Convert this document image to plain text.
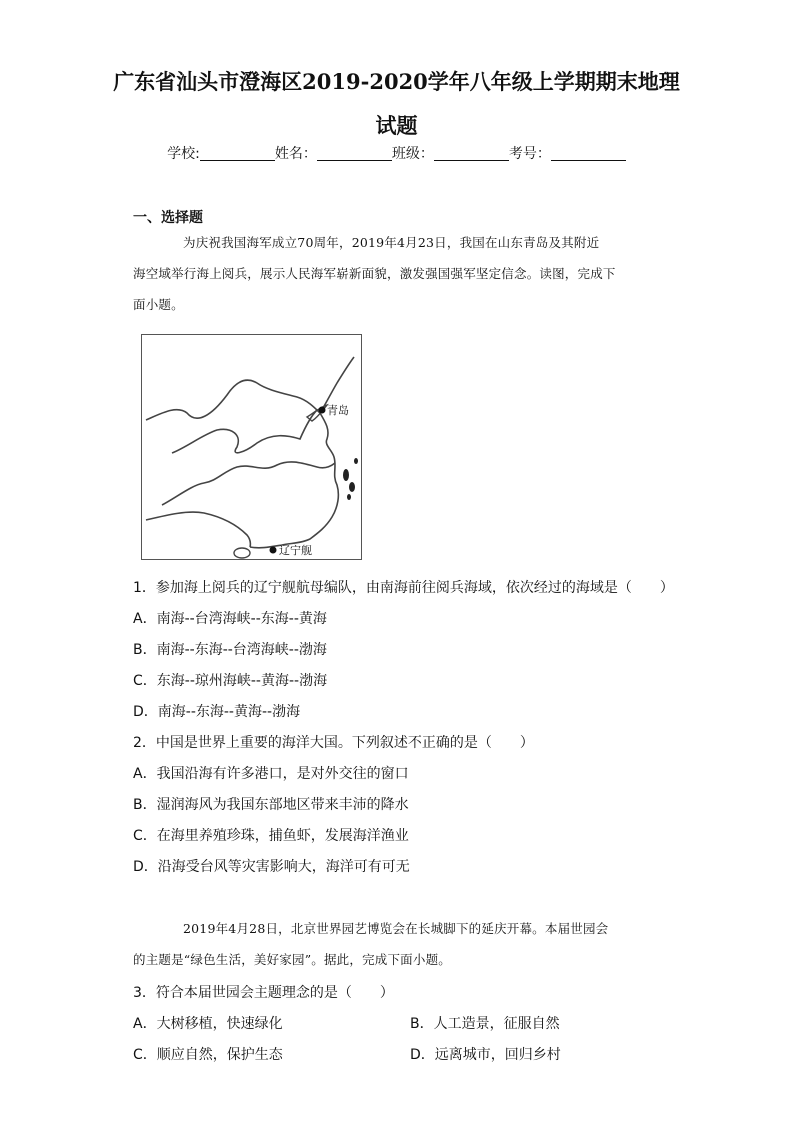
广东省汕头市澄海区2019-2020学年八年级上学期期末地理
试题
学校:	姓名：	班级：	考号：
一、选择题

为庆祝我国海军成立70周年，2019年4月23日，我国在山东青岛及其附近

海空域举行海上阅兵，展示人民海军崭新面貌，激发强国强军坚定信念。读图，完成下

面小题。

青岛
辽宁舰
1．参加海上阅兵的辽宁舰航母编队，由南海前往阅兵海域，依次经过的海域是（　　）
A．南海--台湾海峡--东海--黄海
B．南海--东海--台湾海峡--渤海
C．东海--琼州海峡--黄海--渤海
D．南海--东海--黄海--渤海
2．中国是世界上重要的海洋大国。下列叙述不正确的是（　　）
A．我国沿海有许多港口，是对外交往的窗口
B．湿润海风为我国东部地区带来丰沛的降水
C．在海里养殖珍珠，捕鱼虾，发展海洋渔业
D．沿海受台风等灾害影响大，海洋可有可无

2019年4月28日，北京世界园艺博览会在长城脚下的延庆开幕。本届世园会

的主题是“绿色生活，美好家园”。据此，完成下面小题。

3．符合本届世园会主题理念的是（　　）
A．大树移植，快速绿化	B．人工造景，征服自然
C．顺应自然，保护生态	D．远离城市，回归乡村
